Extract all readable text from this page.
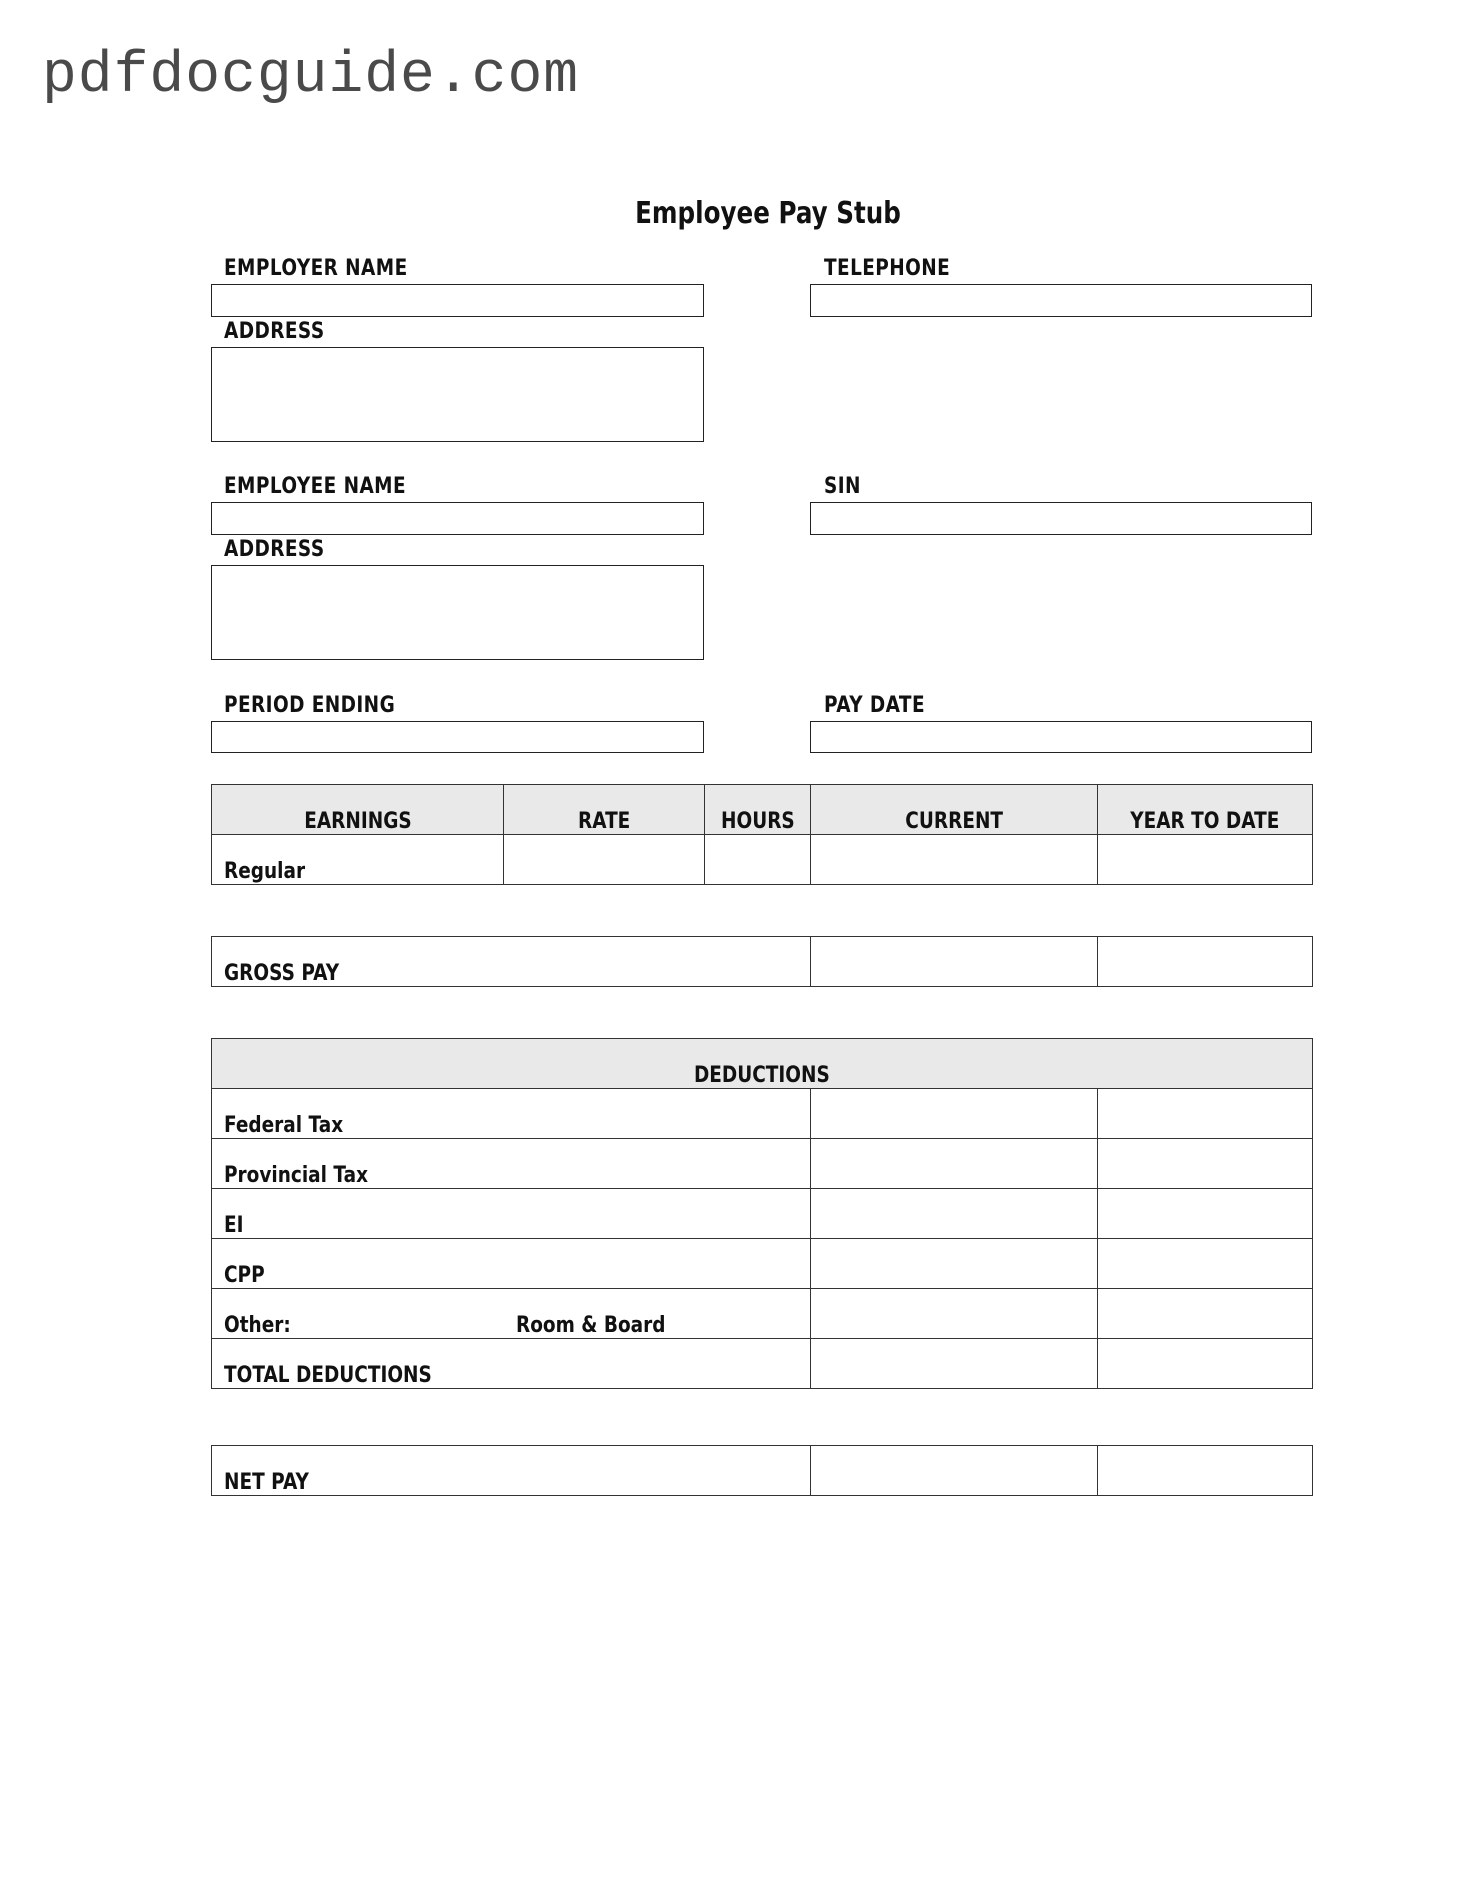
pdfdocguide.com
Employee Pay Stub
EMPLOYER NAME	TELEPHONE
ADDRESS
EMPLOYEE NAME	SIN
ADDRESS
PERIOD ENDING	PAY DATE
EARNINGS	RATE	HOURS	CURRENT	YEAR TO DATE
Regular				
GROSS PAY		
DEDUCTIONS		
Federal Tax		
Provincial Tax		
EI		
CPP		
Other: Room & Board		

TOTAL DEDUCTIONS		
NET PAY		
